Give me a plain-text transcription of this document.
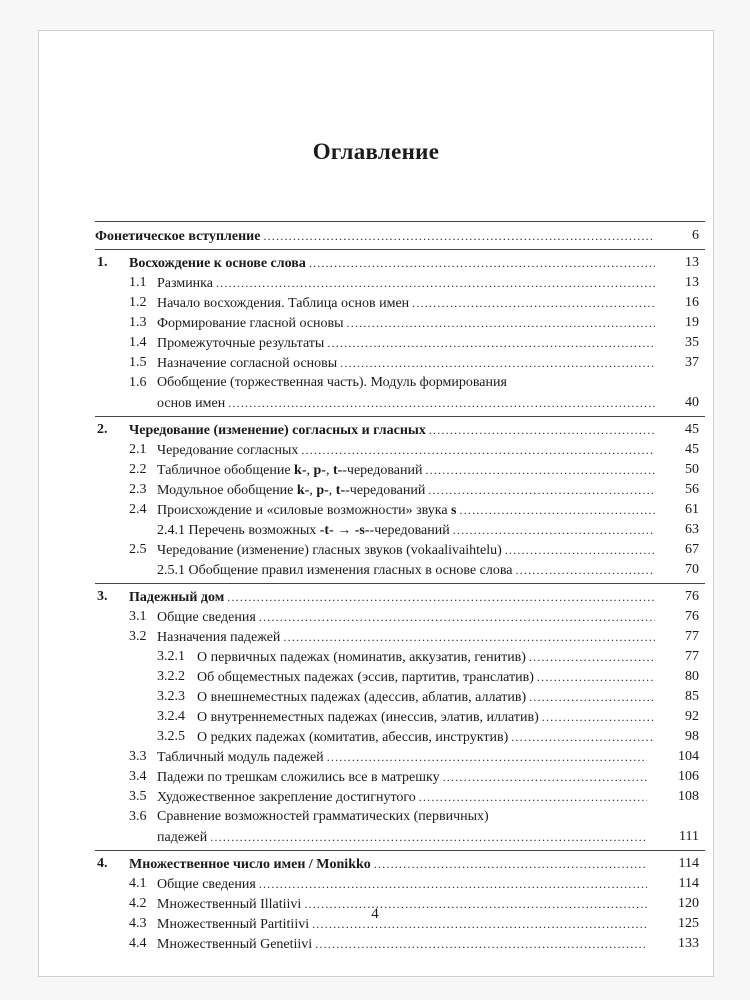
Оглавление
Фонетическое вступление .....	6
1. Восхождение к основе слова .....	13
1.1 Разминка .....	13
1.2 Начало восхождения. Таблица основ имен .....	16
1.3 Формирование гласной основы .....	19
1.4 Промежуточные результаты .....	35
1.5 Назначение согласной основы .....	37
1.6 Обобщение (торжественная часть). Модуль формирования
основ имен .....	40
2. Чередование (изменение) согласных и гласных .....	45
2.1 Чередование согласных .....	45
2.2 Табличное обобщение k-, p-, t--чередований .....	50
2.3 Модульное обобщение k-, p-, t--чередований .....	56
2.4 Происхождение и «силовые возможности» звука s .....	61
2.4.1 Перечень возможных -t- → -s--чередований .....	63
2.5 Чередование (изменение) гласных звуков (vokaalivaihtelu) .....	67
2.5.1 Обобщение правил изменения гласных в основе слова .....	70
3. Падежный дом .....	76
3.1 Общие сведения .....	76
3.2 Назначения падежей .....	77
3.2.1 О первичных падежах (номинатив, аккузатив, генитив) .....	77
3.2.2 Об общеместных падежах (эссив, партитив, транслатив) .....	80
3.2.3 О внешнеместных падежах (адессив, аблатив, аллатив) .....	85
3.2.4 О внутреннеместных падежах (инессив, элатив, иллатив) .....	92
3.2.5 О редких падежах (комитатив, абессив, инструктив) .....	98
3.3 Табличный модуль падежей .....	104
3.4 Падежи по трешкам сложились все в матрешку .....	106
3.5 Художественное закрепление достигнутого .....	108
3.6 Сравнение возможностей грамматических (первичных)
падежей .....	111
4. Множественное число имен / Monikko .....	114
4.1 Общие сведения .....	114
4.2 Множественный Illatiivi .....	120
4.3 Множественный Partitiivi .....	125
4.4 Множественный Genetiivi .....	133
4
